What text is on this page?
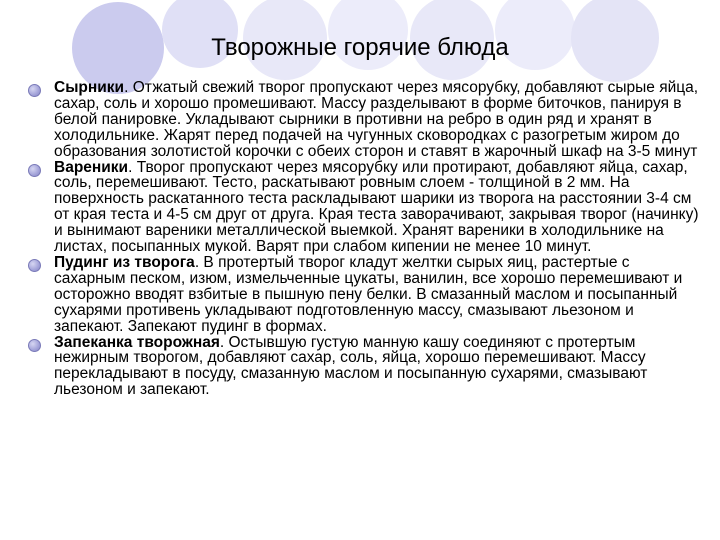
Творожные горячие блюда
Сырники. Отжатый свежий творог пропускают через мясорубку, добавляют сырые яйца, сахар, соль и хорошо промешивают. Массу разделывают в форме биточков, панируя в белой панировке. Укладывают сырники в противни на ребро в один ряд и хранят в холодильнике. Жарят перед подачей на чугунных сковородках с разогретым жиром до образования золотистой корочки с обеих сторон и ставят в жарочный шкаф на 3-5 минут
Вареники. Творог пропускают через мясорубку или протирают, добавляют яйца, сахар, соль, перемешивают. Тесто, раскатывают ровным слоем - толщиной в 2 мм. На поверхность раскатанного теста раскладывают шарики из творога на расстоянии 3-4 см от края теста и 4-5 см друг от друга. Края теста заворачивают, закрывая творог (начинку) и вынимают вареники металлической выемкой. Хранят вареники в холодильнике на листах, посыпанных мукой. Варят при слабом кипении не менее 10 минут.
Пудинг из творога. В протертый творог кладут желтки сырых яиц, растертые с сахарным песком, изюм, измельченные цукаты, ванилин, все хорошо перемешивают и осторожно вводят взбитые в пышную пену белки. В смазанный маслом и посыпанный сухарями противень укладывают подготовленную массу, смазывают льезоном и запекают. Запекают пудинг в формах.
Запеканка творожная. Остывшую густую манную кашу соединяют с протертым нежирным творогом, добавляют сахар, соль, яйца, хорошо перемешивают. Массу перекладывают в посуду, смазанную маслом и посыпанную сухарями, смазывают льезоном и запекают.
